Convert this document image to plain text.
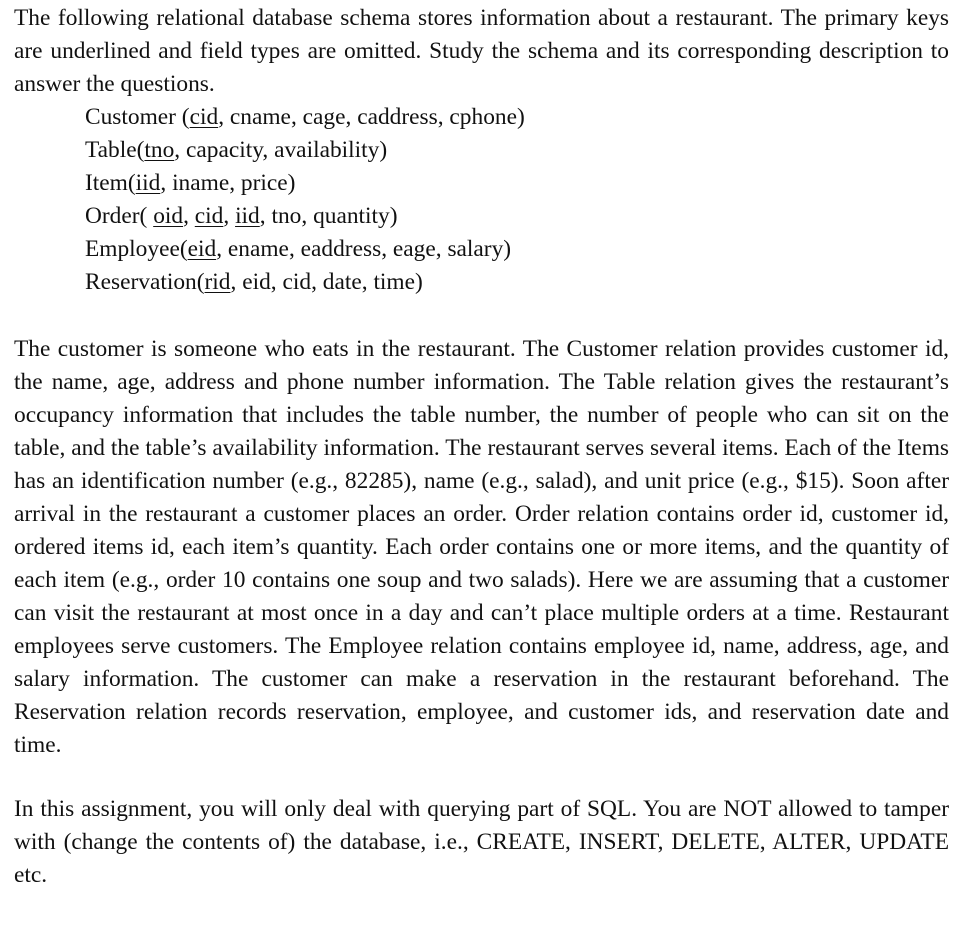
The following relational database schema stores information about a restaurant. The primary keys are underlined and field types are omitted. Study the schema and its corresponding description to answer the questions.

Customer (cid, cname, cage, caddress, cphone)
Table(tno, capacity, availability)
Item(iid, iname, price)
Order( oid, cid, iid, tno, quantity)
Employee(eid, ename, eaddress, eage, salary)
Reservation(rid, eid, cid, date, time)

The customer is someone who eats in the restaurant. The Customer relation provides customer id, the name, age, address and phone number information. The Table relation gives the restaurant’s occupancy information that includes the table number, the number of people who can sit on the table, and the table’s availability information. The restaurant serves several items. Each of the Items has an identification number (e.g., 82285), name (e.g., salad), and unit price (e.g., $15). Soon after arrival in the restaurant a customer places an order. Order relation contains order id, customer id, ordered items id, each item’s quantity. Each order contains one or more items, and the quantity of each item (e.g., order 10 contains one soup and two salads). Here we are assuming that a customer can visit the restaurant at most once in a day and can’t place multiple orders at a time. Restaurant employees serve customers. The Employee relation contains employee id, name, address, age, and salary information. The customer can make a reservation in the restaurant beforehand. The Reservation relation records reservation, employee, and customer ids, and reservation date and time.

In this assignment, you will only deal with querying part of SQL. You are NOT allowed to tamper with (change the contents of) the database, i.e., CREATE, INSERT, DELETE, ALTER, UPDATE etc.
